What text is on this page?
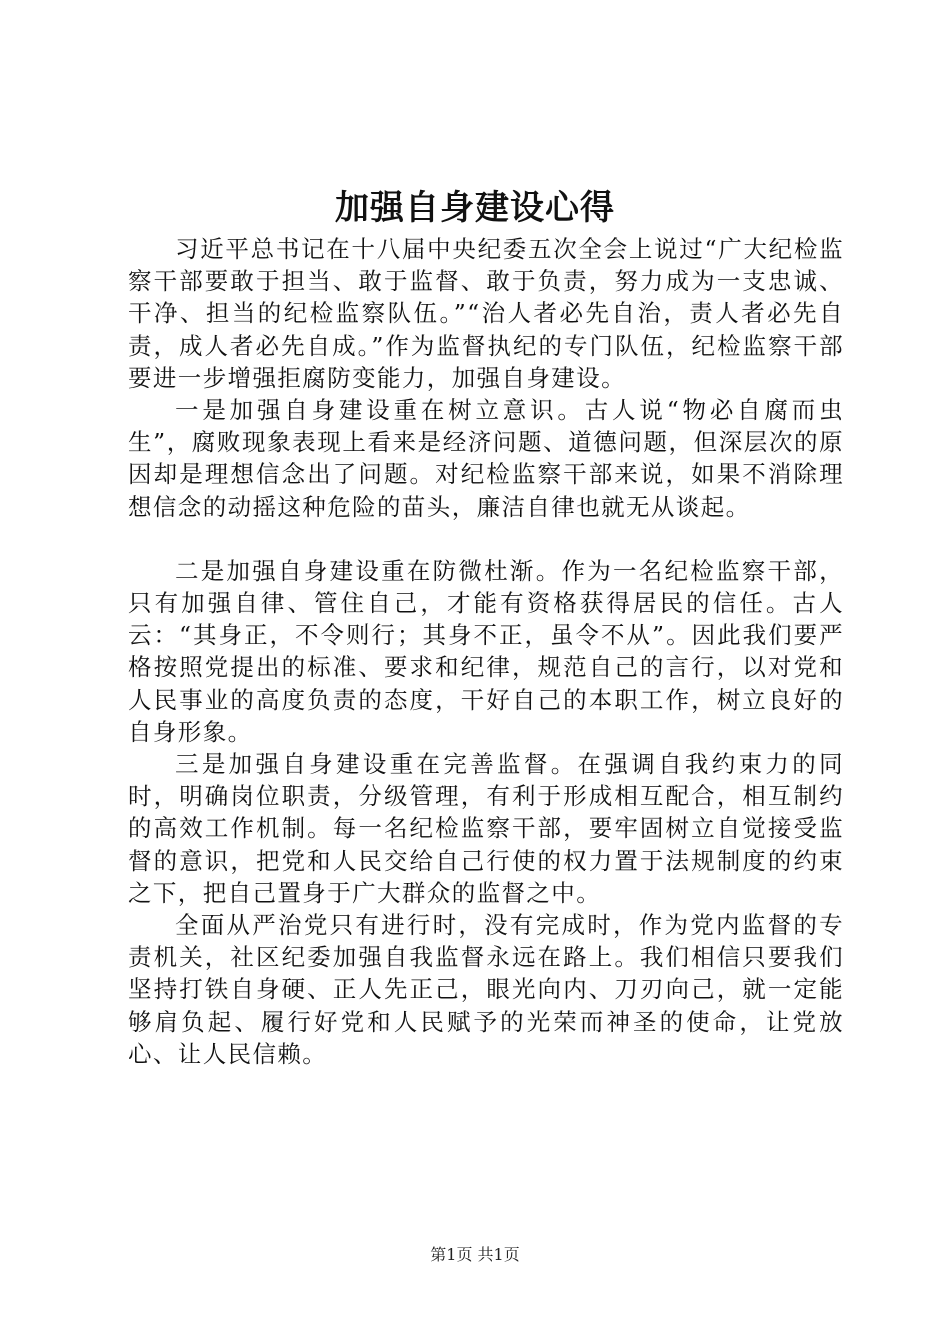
加强自身建设心得

习近平总书记在十八届中央纪委五次全会上说过“广大纪检监察干部要敢于担当、敢于监督、敢于负责，努力成为一支忠诚、干净、担当的纪检监察队伍。”“治人者必先自治，责人者必先自责，成人者必先自成。”作为监督执纪的专门队伍，纪检监察干部要进一步增强拒腐防变能力，加强自身建设。

一是加强自身建设重在树立意识。古人说“物必自腐而虫生”，腐败现象表现上看来是经济问题、道德问题，但深层次的原因却是理想信念出了问题。对纪检监察干部来说，如果不消除理想信念的动摇这种危险的苗头，廉洁自律也就无从谈起。

二是加强自身建设重在防微杜渐。作为一名纪检监察干部，只有加强自律、管住自己，才能有资格获得居民的信任。古人云：“其身正，不令则行；其身不正，虽令不从”。因此我们要严格按照党提出的标准、要求和纪律，规范自己的言行，以对党和人民事业的高度负责的态度，干好自己的本职工作，树立良好的自身形象。

三是加强自身建设重在完善监督。在强调自我约束力的同时，明确岗位职责，分级管理，有利于形成相互配合，相互制约的高效工作机制。每一名纪检监察干部，要牢固树立自觉接受监督的意识，把党和人民交给自己行使的权力置于法规制度的约束之下，把自己置身于广大群众的监督之中。

全面从严治党只有进行时，没有完成时，作为党内监督的专责机关，社区纪委加强自我监督永远在路上。我们相信只要我们坚持打铁自身硬、正人先正己，眼光向内、刀刃向己，就一定能够肩负起、履行好党和人民赋予的光荣而神圣的使命，让党放心、让人民信赖。

第1页 共1页
